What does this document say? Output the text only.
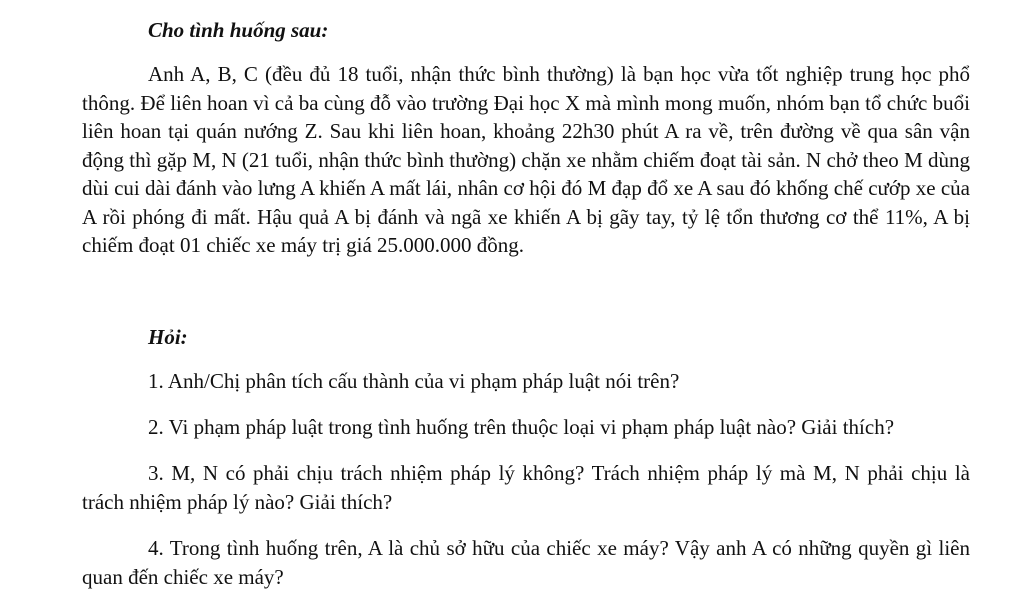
Cho tình huống sau:

Anh A, B, C (đều đủ 18 tuổi, nhận thức bình thường) là bạn học vừa tốt nghiệp trung học phổ thông. Để liên hoan vì cả ba cùng đỗ vào trường Đại học X mà mình mong muốn, nhóm bạn tổ chức buổi liên hoan tại quán nướng Z. Sau khi liên hoan, khoảng 22h30 phút A ra về, trên đường về qua sân vận động thì gặp M, N (21 tuổi, nhận thức bình thường) chặn xe nhằm chiếm đoạt tài sản. N chở theo M dùng dùi cui dài đánh vào lưng A khiến A mất lái, nhân cơ hội đó M đạp đổ xe A sau đó khống chế cướp xe của A rồi phóng đi mất. Hậu quả A bị đánh và ngã xe khiến A bị gãy tay, tỷ lệ tổn thương cơ thể 11%, A bị chiếm đoạt 01 chiếc xe máy trị giá 25.000.000 đồng.

Hỏi:

1. Anh/Chị phân tích cấu thành của vi phạm pháp luật nói trên?

2. Vi phạm pháp luật trong tình huống trên thuộc loại vi phạm pháp luật nào? Giải thích?

3. M, N có phải chịu trách nhiệm pháp lý không? Trách nhiệm pháp lý mà M, N phải chịu là trách nhiệm pháp lý nào? Giải thích?

4. Trong tình huống trên, A là chủ sở hữu của chiếc xe máy? Vậy anh A có những quyền gì liên quan đến chiếc xe máy?
